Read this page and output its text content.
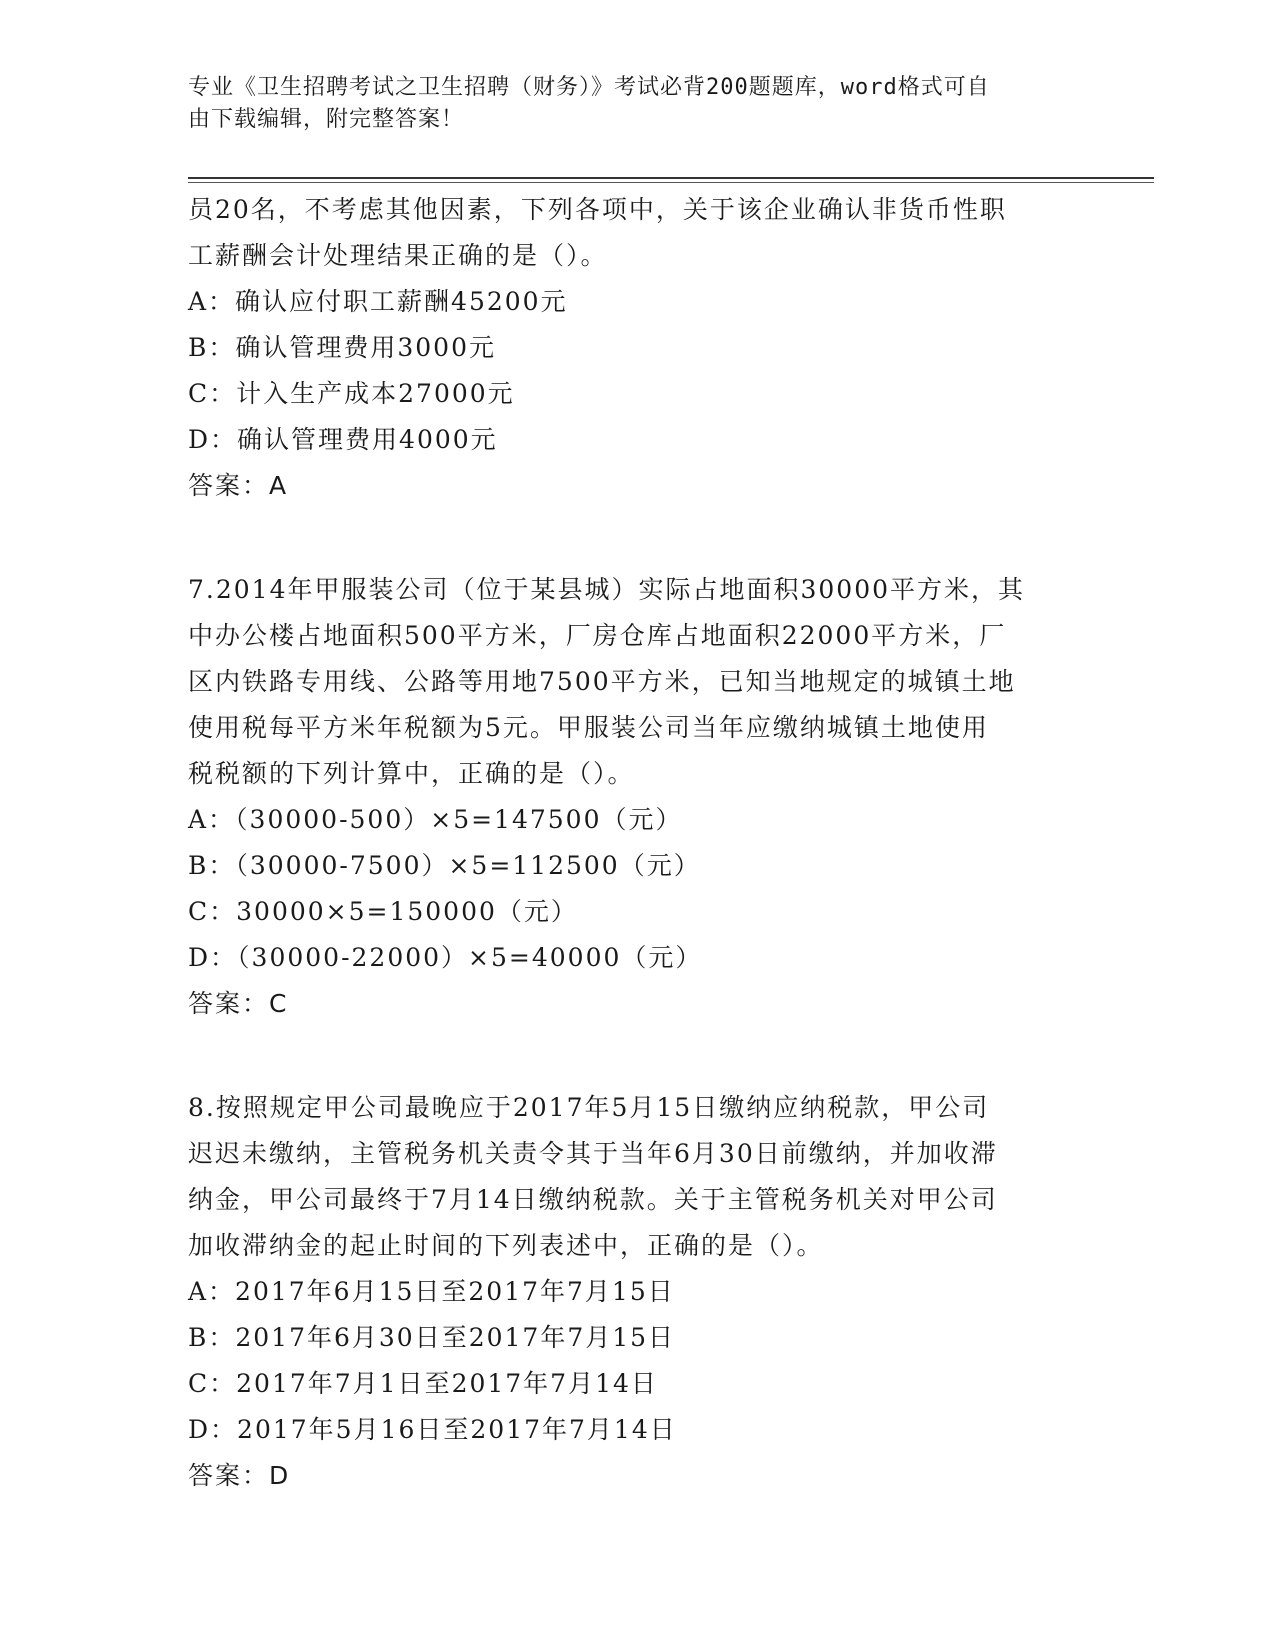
专业《卫生招聘考试之卫生招聘（财务）》考试必背200题题库，word格式可自
由下载编辑，附完整答案！

员20名，不考虑其他因素，下列各项中，关于该企业确认非货币性职

工薪酬会计处理结果正确的是（）。

A：确认应付职工薪酬45200元

B：确认管理费用3000元

C：计入生产成本27000元

D：确认管理费用4000元

答案：A

7.2014年甲服装公司（位于某县城）实际占地面积30000平方米，其

中办公楼占地面积500平方米，厂房仓库占地面积22000平方米，厂

区内铁路专用线、公路等用地7500平方米，已知当地规定的城镇土地

使用税每平方米年税额为5元。甲服装公司当年应缴纳城镇土地使用

税税额的下列计算中，正确的是（）。

A：（30000-500）×5=147500（元）

B：（30000-7500）×5=112500（元）

C：30000×5=150000（元）

D：（30000-22000）×5=40000（元）

答案：C

8.按照规定甲公司最晚应于2017年5月15日缴纳应纳税款，甲公司

迟迟未缴纳，主管税务机关责令其于当年6月30日前缴纳，并加收滞

纳金，甲公司最终于7月14日缴纳税款。关于主管税务机关对甲公司

加收滞纳金的起止时间的下列表述中，正确的是（）。

A：2017年6月15日至2017年7月15日

B：2017年6月30日至2017年7月15日

C：2017年7月1日至2017年7月14日

D：2017年5月16日至2017年7月14日

答案：D
